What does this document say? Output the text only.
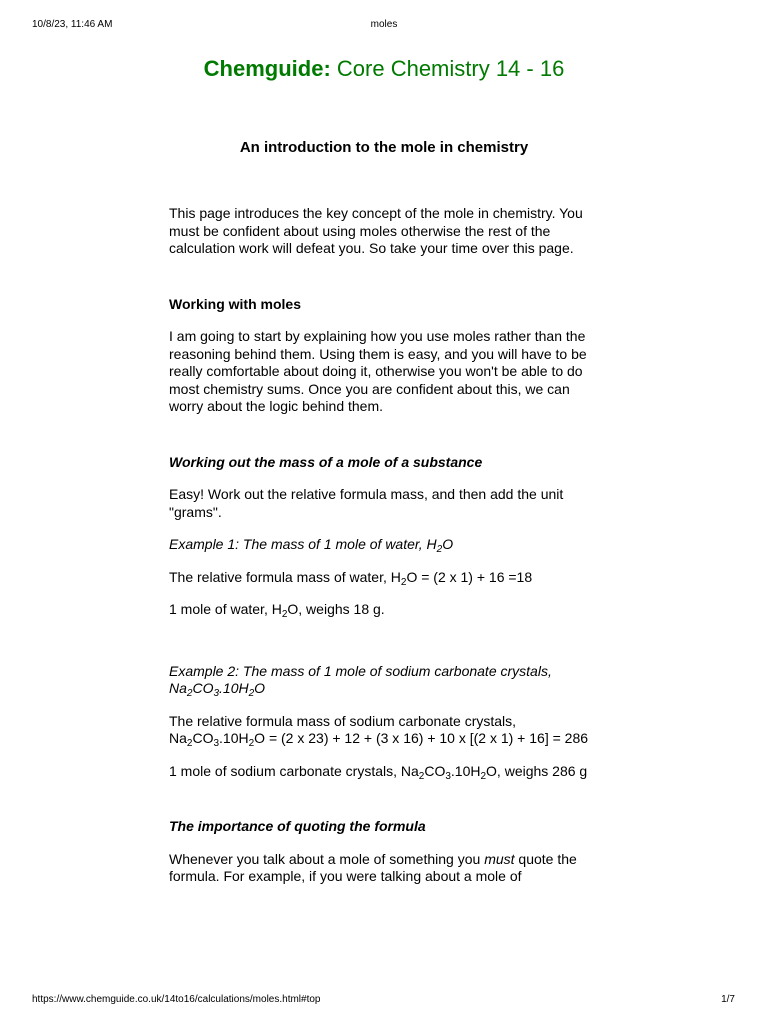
10/8/23, 11:46 AM	moles
Chemguide: Core Chemistry 14 - 16
An introduction to the mole in chemistry

This page introduces the key concept of the mole in chemistry. You must be confident about using moles otherwise the rest of the calculation work will defeat you. So take your time over this page.

Working with moles

I am going to start by explaining how you use moles rather than the reasoning behind them. Using them is easy, and you will have to be really comfortable about doing it, otherwise you won't be able to do most chemistry sums. Once you are confident about this, we can worry about the logic behind them.

Working out the mass of a mole of a substance

Easy! Work out the relative formula mass, and then add the unit "grams".

Example 1: The mass of 1 mole of water, $H_2O$

The relative formula mass of water, $H_2O = (2$ x 1) + 16 =18

1 mole of water, $H_2O$, weighs 18 g.

Example 2: The mass of 1 mole of sodium carbonate crystals,
$Na_2CO_3.10H_2O$

The relative formula mass of sodium carbonate crystals,
$Na_2CO_3.10H_2O = (2$ x 23) + 12 + (3 x 16) + 10 x [(2 x 1) + 16] = 286

1 mole of sodium carbonate crystals, $Na_2CO_3.10H_2O$, weighs 286 g

The importance of quoting the formula

Whenever you talk about a mole of something you must quote the formula. For example, if you were talking about a mole of

https://www.chemguide.co.uk/14to16/calculations/moles.html#top	1/7
